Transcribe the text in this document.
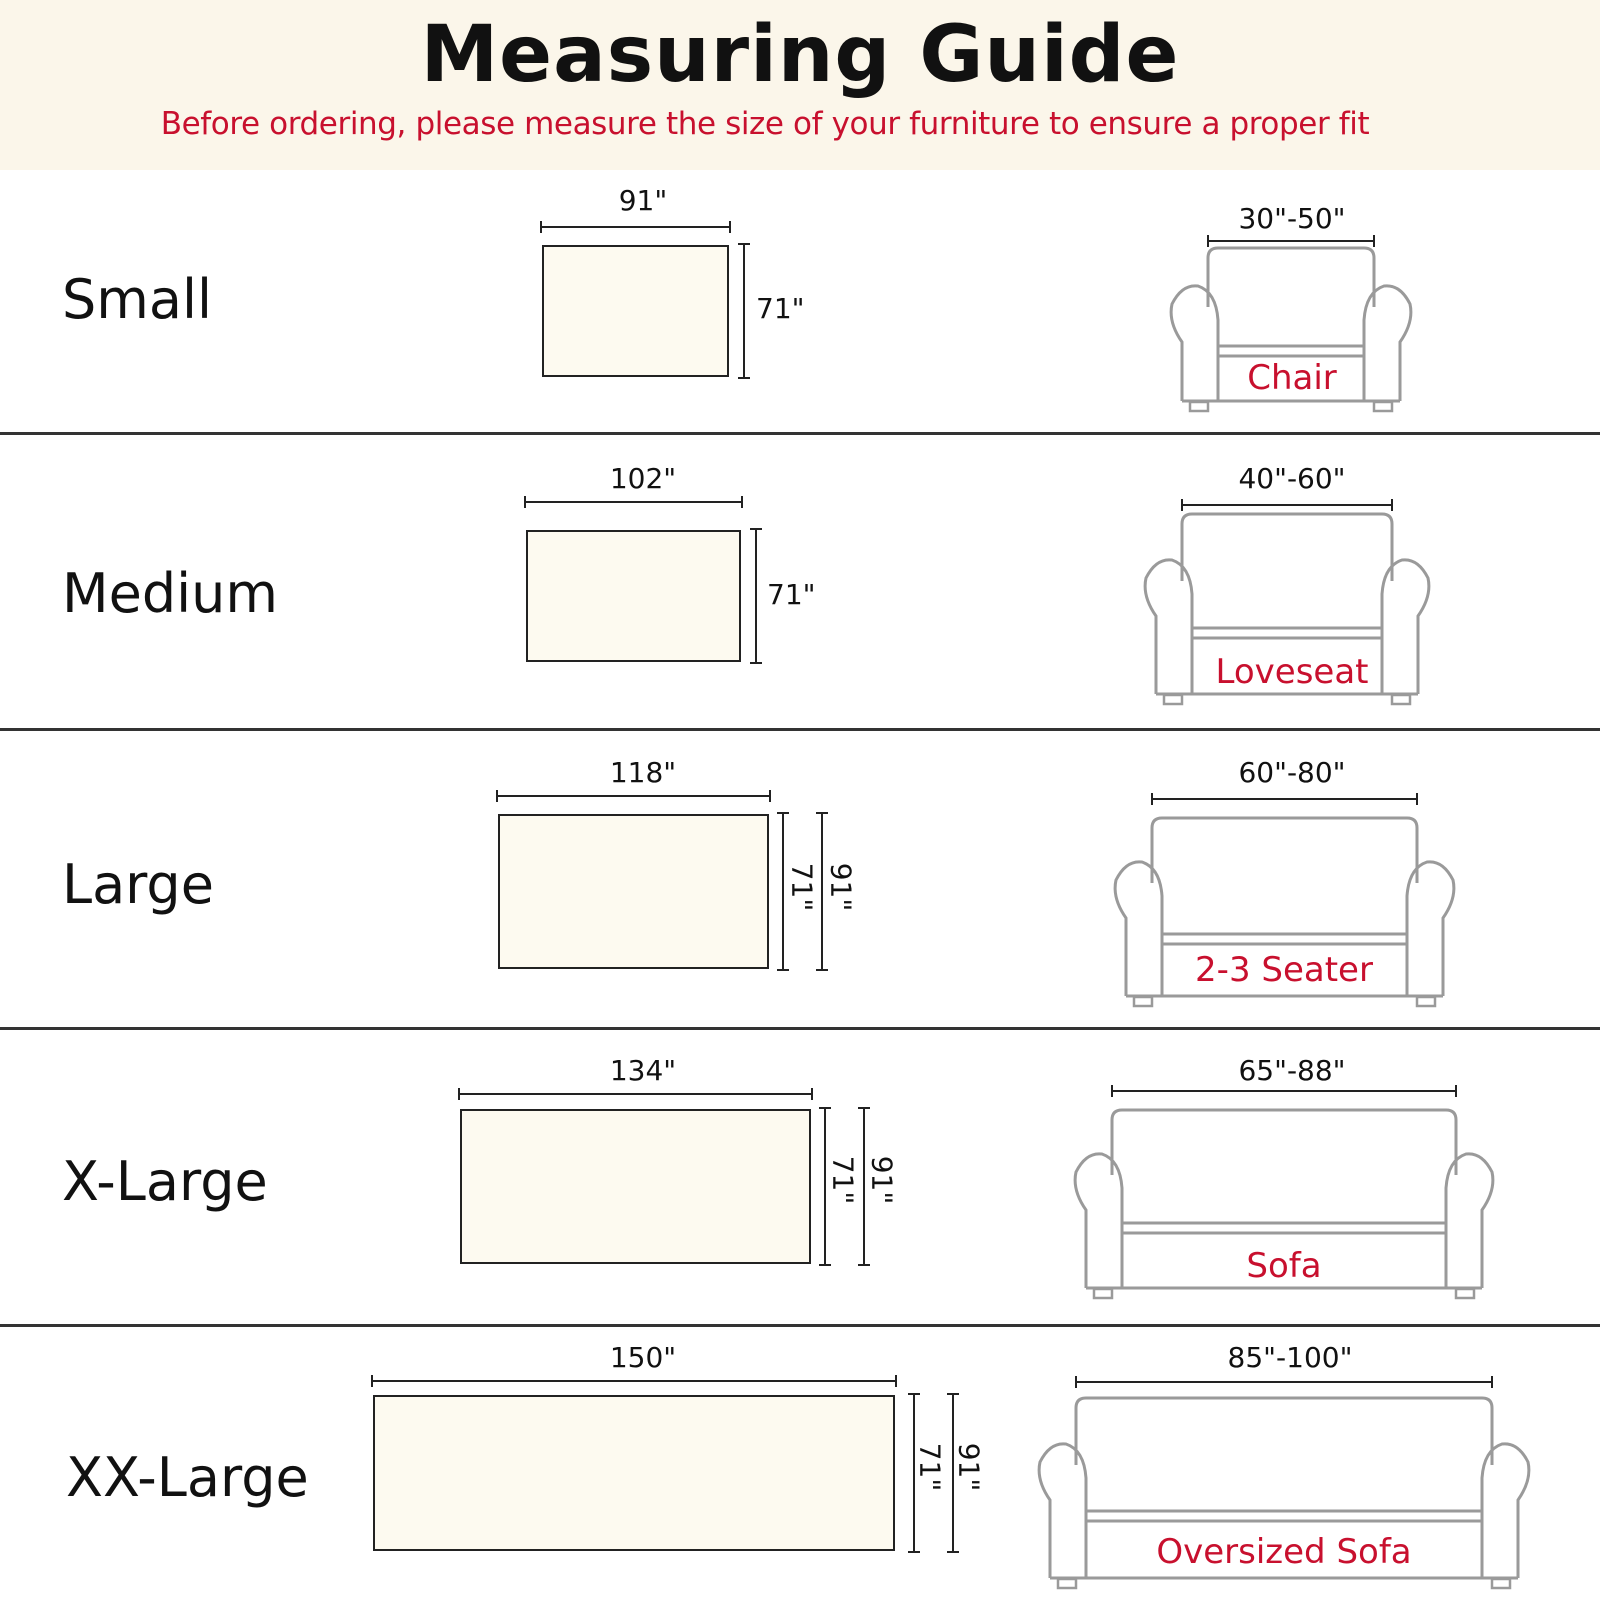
Measuring Guide
Before ordering, please measure the size of your furniture to ensure a proper fit
Small
91"
71"
30"-50"
Chair
Medium
102"
71"
40"-60"
Loveseat
Large
118"
71" 91"
60"-80"
2-3 Seater
X-Large
134"
71" 91"
65"-88"
Sofa
XX-Large
150"
71" 91"
85"-100"
Oversized Sofa
